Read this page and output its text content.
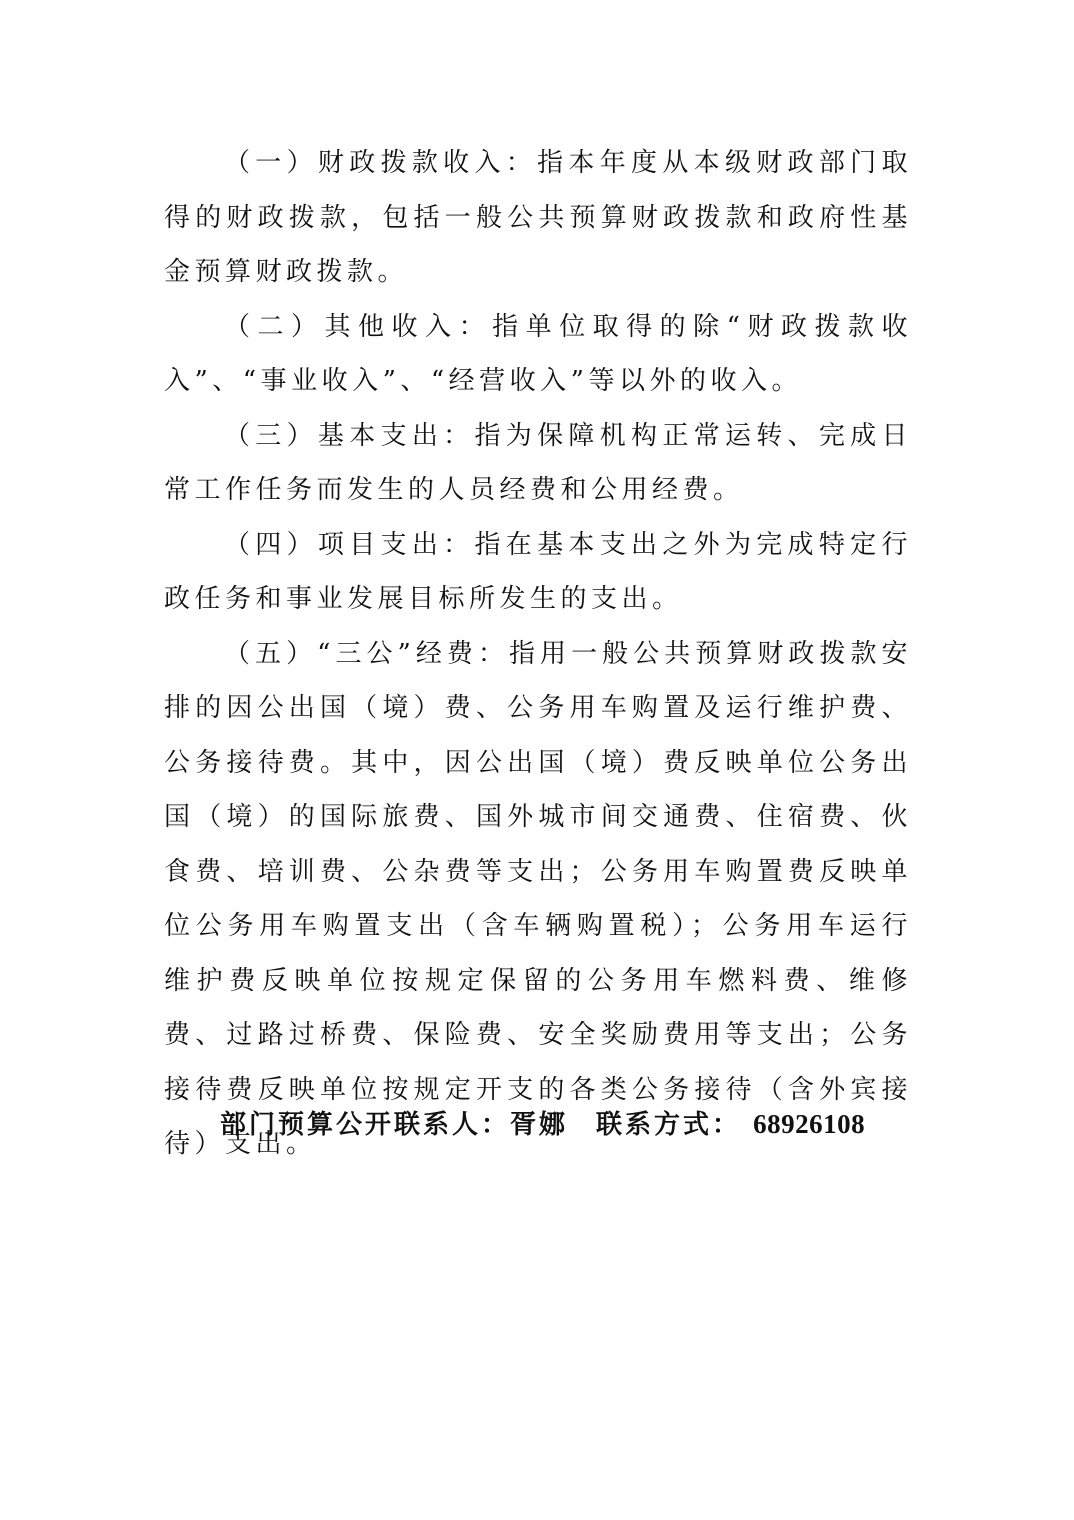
（一）财政拨款收入：指本年度从本级财政部门取得的财政拨款，包括一般公共预算财政拨款和政府性基金预算财政拨款。

（二）其他收入：指单位取得的除“财政拨款收入”、“事业收入”、“经营收入”等以外的收入。

（三）基本支出：指为保障机构正常运转、完成日常工作任务而发生的人员经费和公用经费。

（四）项目支出：指在基本支出之外为完成特定行政任务和事业发展目标所发生的支出。

（五）“三公”经费：指用一般公共预算财政拨款安排的因公出国（境）费、公务用车购置及运行维护费、公务接待费。其中，因公出国（境）费反映单位公务出国（境）的国际旅费、国外城市间交通费、住宿费、伙食费、培训费、公杂费等支出；公务用车购置费反映单位公务用车购置支出（含车辆购置税）；公务用车运行维护费反映单位按规定保留的公务用车燃料费、维修费、过路过桥费、保险费、安全奖励费用等支出；公务接待费反映单位按规定开支的各类公务接待（含外宾接待）支出。

部门预算公开联系人：胥娜 联系方式： 68926108
